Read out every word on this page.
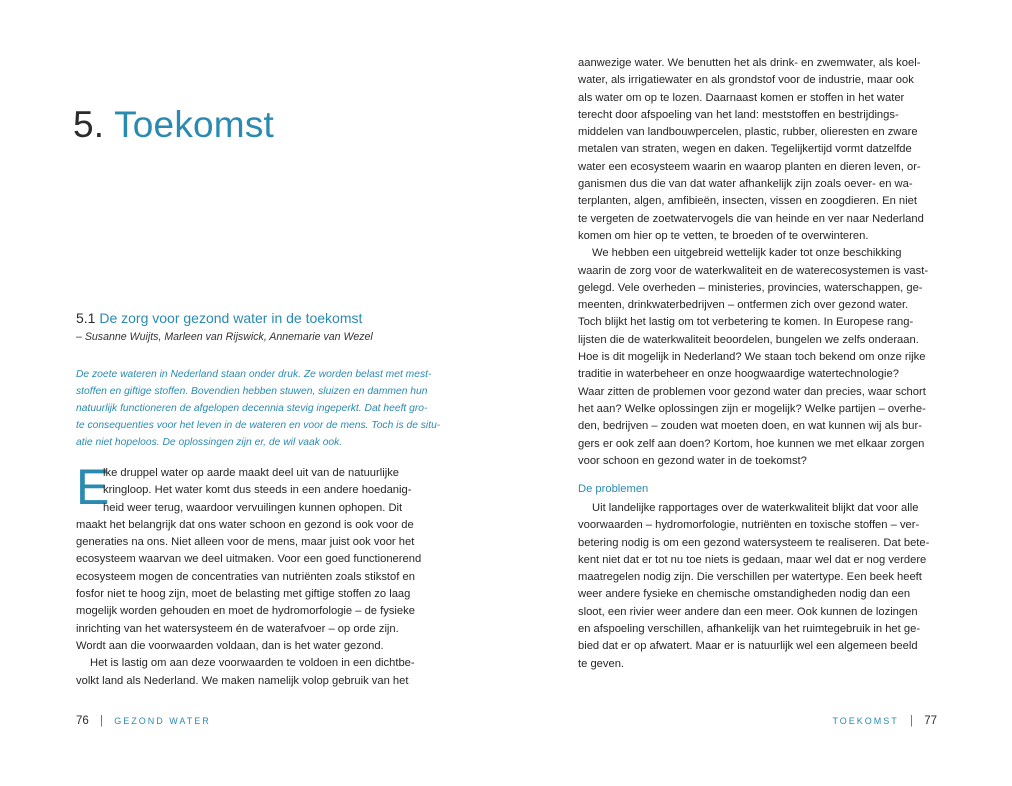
5. Toekomst
5.1 De zorg voor gezond water in de toekomst
– Susanne Wuijts, Marleen van Rijswick, Annemarie van Wezel
De zoete wateren in Nederland staan onder druk. Ze worden belast met mest-
stoffen en giftige stoffen. Bovendien hebben stuwen, sluizen en dammen hun
natuurlijk functioneren de afgelopen decennia stevig ingeperkt. Dat heeft gro-
te consequenties voor het leven in de wateren en voor de mens. Toch is de situ-
atie niet hopeloos. De oplossingen zijn er, de wil vaak ook.
E
lke druppel water op aarde maakt deel uit van de natuurlijke
kringloop. Het water komt dus steeds in een andere hoedanig-
heid weer terug, waardoor vervuilingen kunnen ophopen. Dit
maakt het belangrijk dat ons water schoon en gezond is ook voor de
generaties na ons. Niet alleen voor de mens, maar juist ook voor het
ecosysteem waarvan we deel uitmaken. Voor een goed functionerend
ecosysteem mogen de concentraties van nutriënten zoals stikstof en
fosfor niet te hoog zijn, moet de belasting met giftige stoffen zo laag
mogelijk worden gehouden en moet de hydromorfologie – de fysieke
inrichting van het watersysteem én de waterafvoer – op orde zijn.
Wordt aan die voorwaarden voldaan, dan is het water gezond.
Het is lastig om aan deze voorwaarden te voldoen in een dichtbe-
volkt land als Nederland. We maken namelijk volop gebruik van het
76 | GEZOND WATER
aanwezige water. We benutten het als drink- en zwemwater, als koel-
water, als irrigatiewater en als grondstof voor de industrie, maar ook
als water om op te lozen. Daarnaast komen er stoffen in het water
terecht door afspoeling van het land: meststoffen en bestrijdings-
middelen van landbouwpercelen, plastic, rubber, olieresten en zware
metalen van straten, wegen en daken. Tegelijkertijd vormt datzelfde
water een ecosysteem waarin en waarop planten en dieren leven, or-
ganismen dus die van dat water afhankelijk zijn zoals oever- en wa-
terplanten, algen, amfibieën, insecten, vissen en zoogdieren. En niet
te vergeten de zoetwatervogels die van heinde en ver naar Nederland
komen om hier op te vetten, te broeden of te overwinteren.
We hebben een uitgebreid wettelijk kader tot onze beschikking
waarin de zorg voor de waterkwaliteit en de waterecosystemen is vast-
gelegd. Vele overheden – ministeries, provincies, waterschappen, ge-
meenten, drinkwaterbedrijven – ontfermen zich over gezond water.
Toch blijkt het lastig om tot verbetering te komen. In Europese rang-
lijsten die de waterkwaliteit beoordelen, bungelen we zelfs onderaan.
Hoe is dit mogelijk in Nederland? We staan toch bekend om onze rijke
traditie in waterbeheer en onze hoogwaardige watertechnologie?
Waar zitten de problemen voor gezond water dan precies, waar schort
het aan? Welke oplossingen zijn er mogelijk? Welke partijen – overhe-
den, bedrijven – zouden wat moeten doen, en wat kunnen wij als bur-
gers er ook zelf aan doen? Kortom, hoe kunnen we met elkaar zorgen
voor schoon en gezond water in de toekomst?
De problemen
Uit landelijke rapportages over de waterkwaliteit blijkt dat voor alle
voorwaarden – hydromorfologie, nutriënten en toxische stoffen – ver-
betering nodig is om een gezond watersysteem te realiseren. Dat bete-
kent niet dat er tot nu toe niets is gedaan, maar wel dat er nog verdere
maatregelen nodig zijn. Die verschillen per watertype. Een beek heeft
weer andere fysieke en chemische omstandigheden nodig dan een
sloot, een rivier weer andere dan een meer. Ook kunnen de lozingen
en afspoeling verschillen, afhankelijk van het ruimtegebruik in het ge-
bied dat er op afwatert. Maar er is natuurlijk wel een algemeen beeld
te geven.
TOEKOMST | 77
